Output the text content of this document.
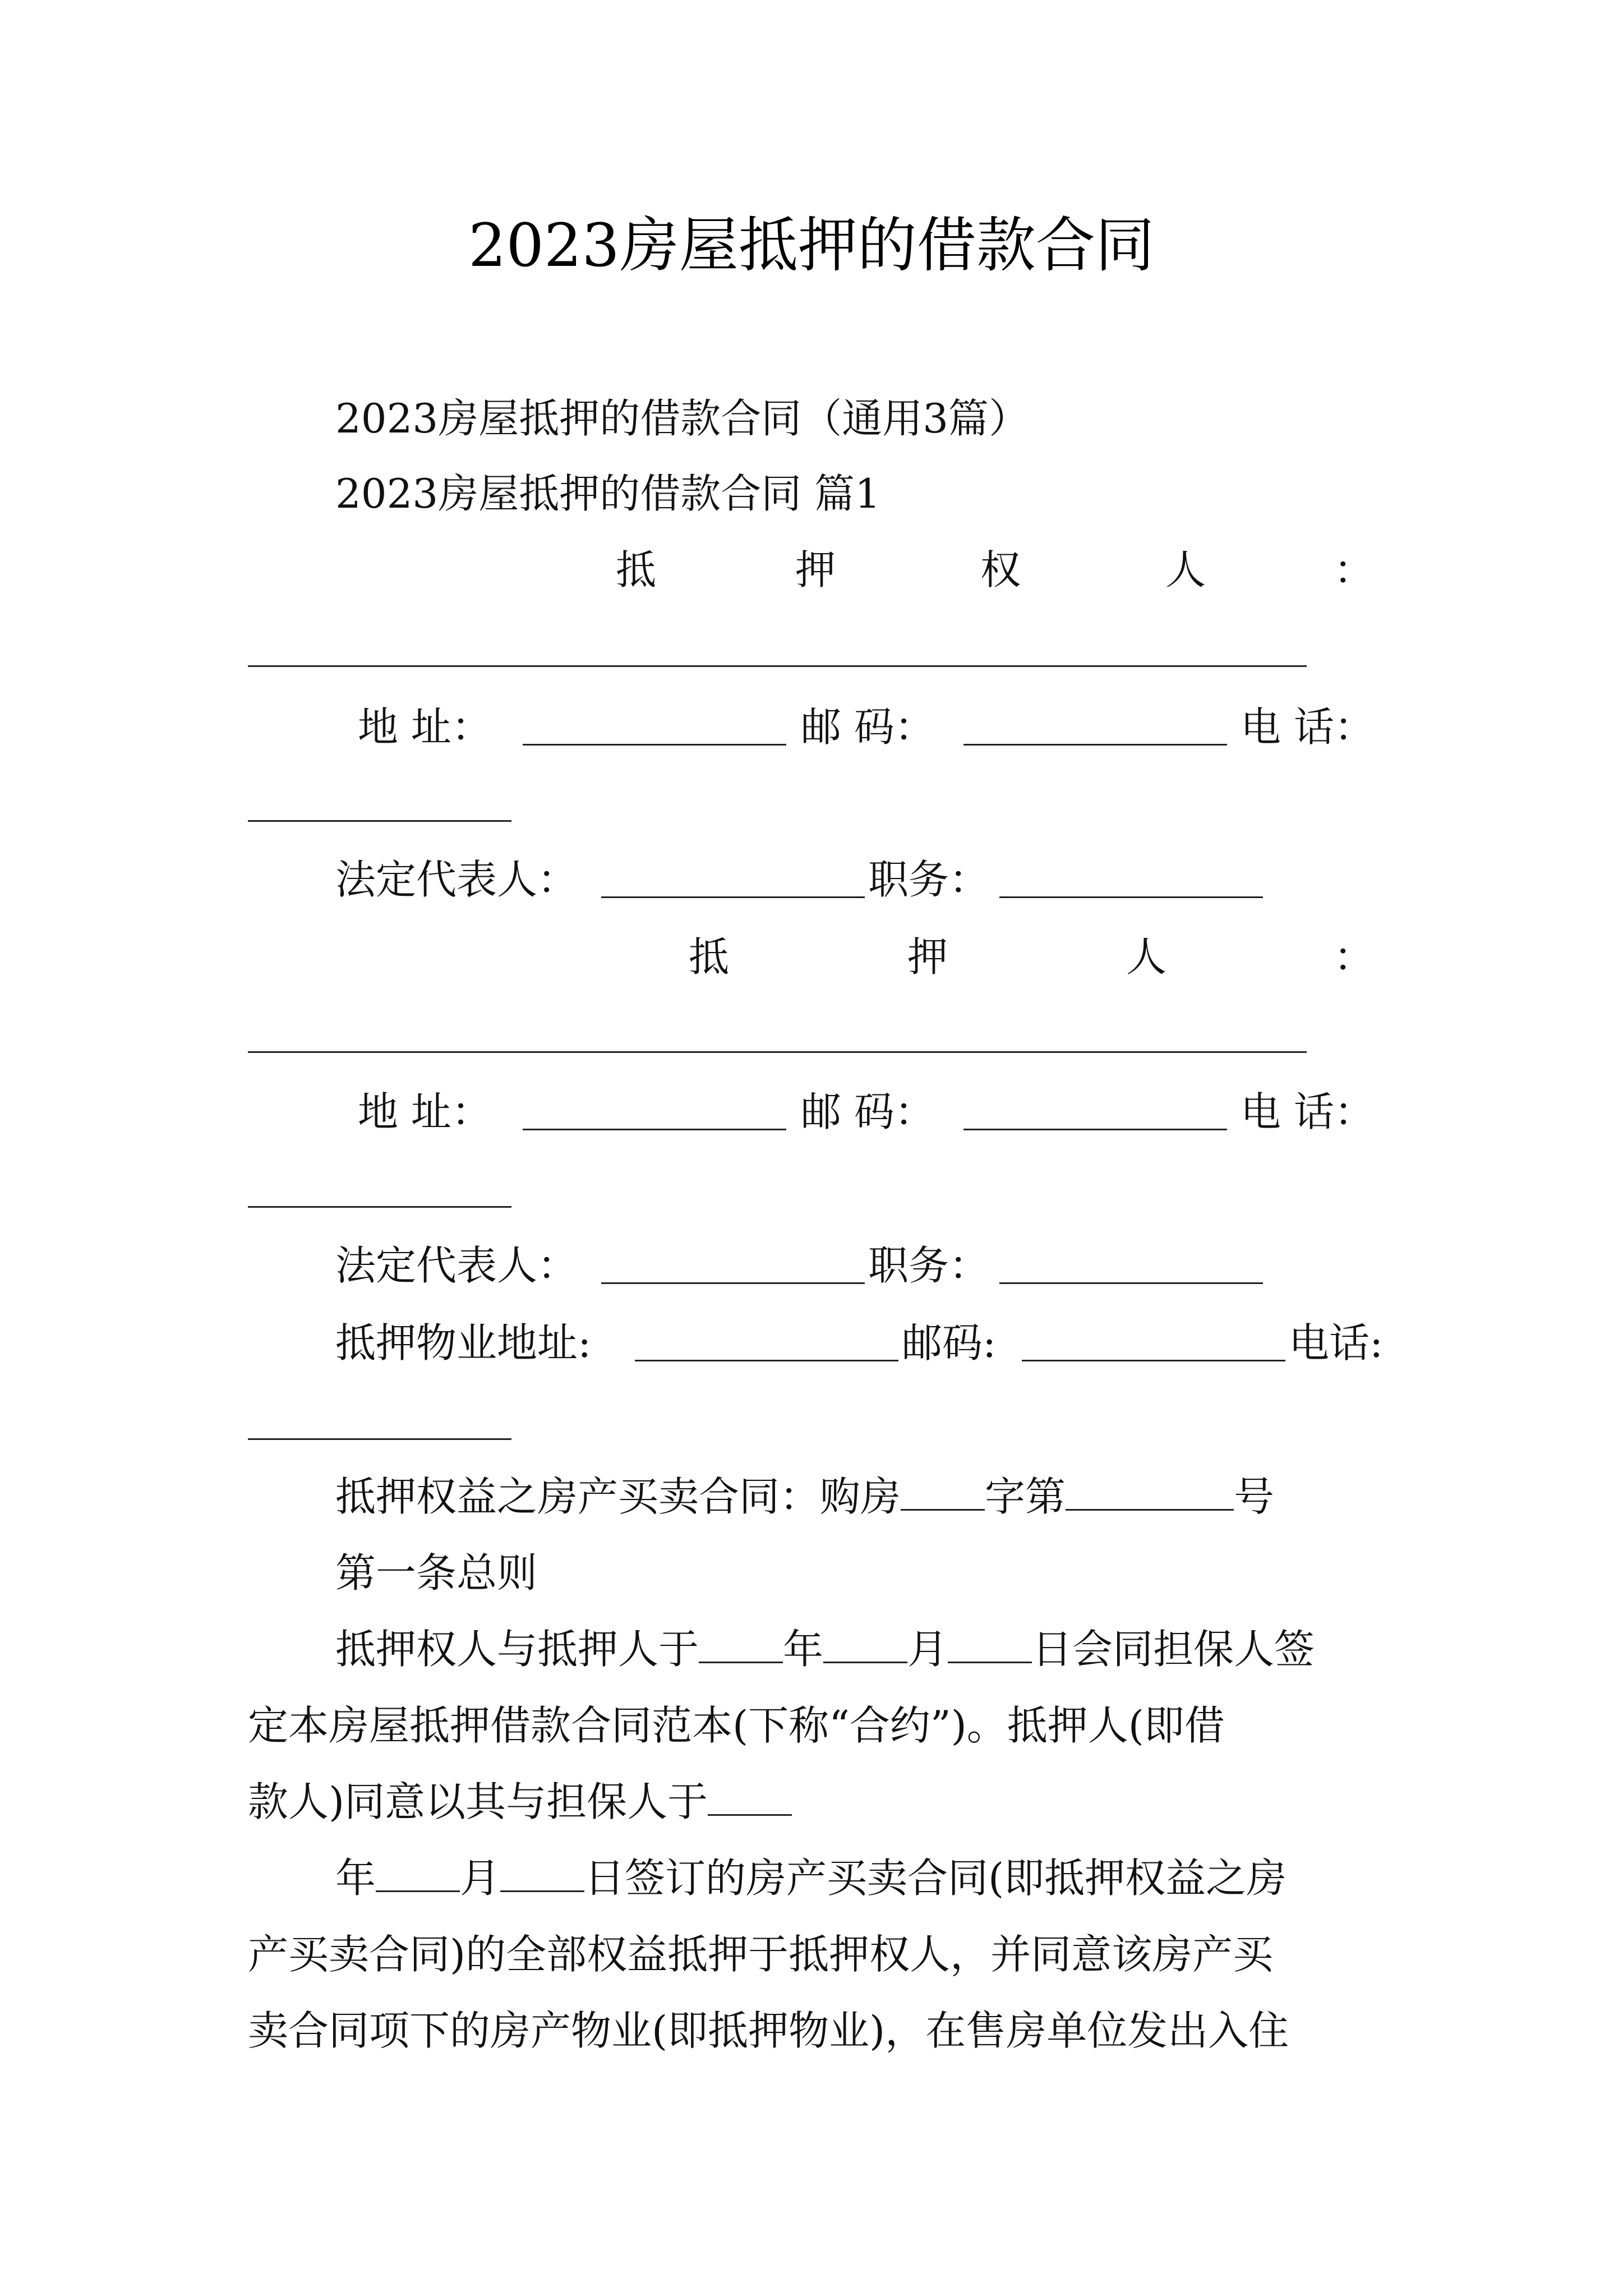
2023房屋抵押的借款合同

2023房屋抵押的借款合同（通用3篇）

2023房屋抵押的借款合同 篇1

抵	押	权	人	：
地 址：	邮 码：	电 话：
法定代表人：	职务：
抵	押	人	：
地 址：	邮 码：	电 话：
法定代表人：	职务：
抵押物业地址:	邮码:	电话:

抵押权益之房产买卖合同：购房 字第	号

第一条总则

抵押权人与抵押人于 年 月 日会同担保人签

定本房屋抵押借款合同范本(下称“合约”)。抵押人(即借

款人)同意以其与担保人于

年 月 日签订的房产买卖合同(即抵押权益之房

产买卖合同)的全部权益抵押于抵押权人，并同意该房产买

卖合同项下的房产物业(即抵押物业)，在售房单位发出入住
